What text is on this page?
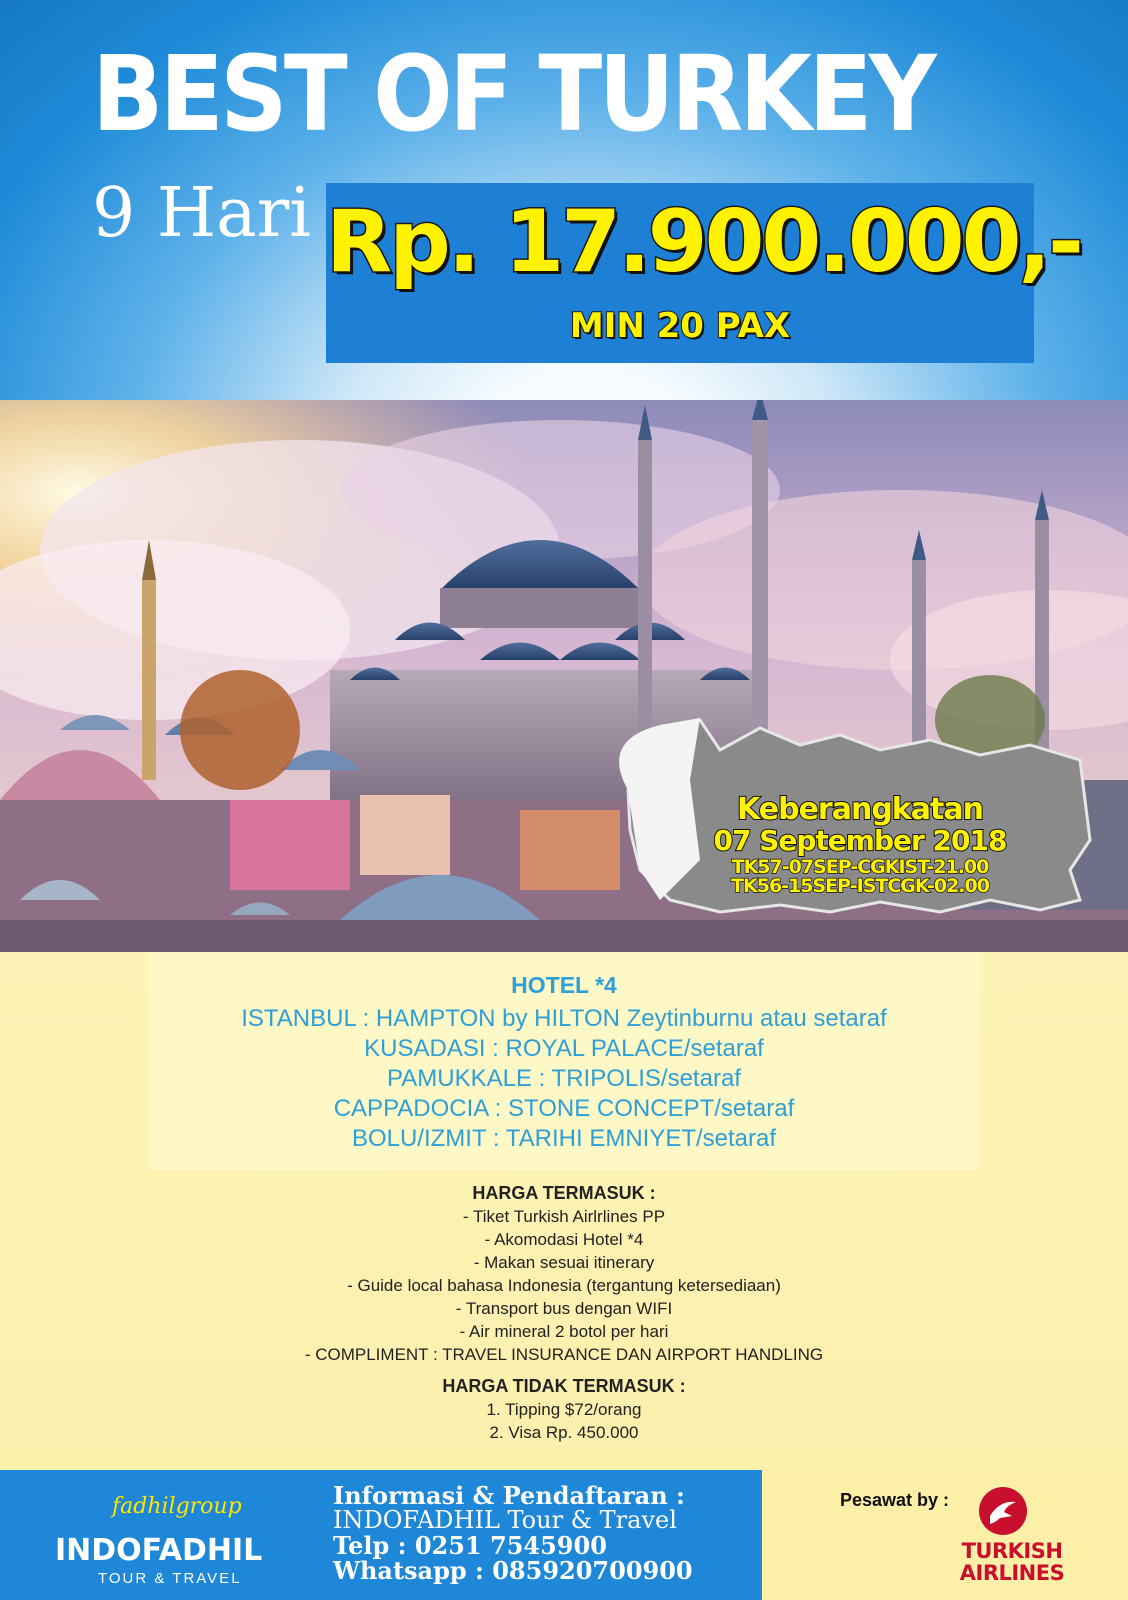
BEST OF TURKEY
9 Hari Rp. 17.900.000,-
MIN 20 PAX
Keberangkatan
07 September 2018
TK57-07SEP-CGKIST-21.00
TK56-15SEP-ISTCGK-02.00
HOTEL *4
ISTANBUL : HAMPTON by HILTON Zeytinburnu atau setaraf
KUSADASI : ROYAL PALACE/setaraf
PAMUKKALE : TRIPOLIS/setaraf
CAPPADOCIA : STONE CONCEPT/setaraf
BOLU/IZMIT : TARIHI EMNIYET/setaraf
HARGA TERMASUK :
- Tiket Turkish Airlrlines PP
- Akomodasi Hotel *4
- Makan sesuai itinerary
- Guide local bahasa Indonesia (tergantung ketersediaan)
- Transport bus dengan WIFI
- Air mineral 2 botol per hari
- COMPLIMENT : TRAVEL INSURANCE DAN AIRPORT HANDLING
HARGA TIDAK TERMASUK :
1. Tipping $72/orang
2. Visa Rp. 450.000
fadhilgroup
INDOFADHIL
TOUR & TRAVEL
Informasi & Pendaftaran :
INDOFADHIL Tour & Travel
Telp : 0251 7545900
Whatsapp : 085920700900
Pesawat by :
TURKISH
AIRLINES
